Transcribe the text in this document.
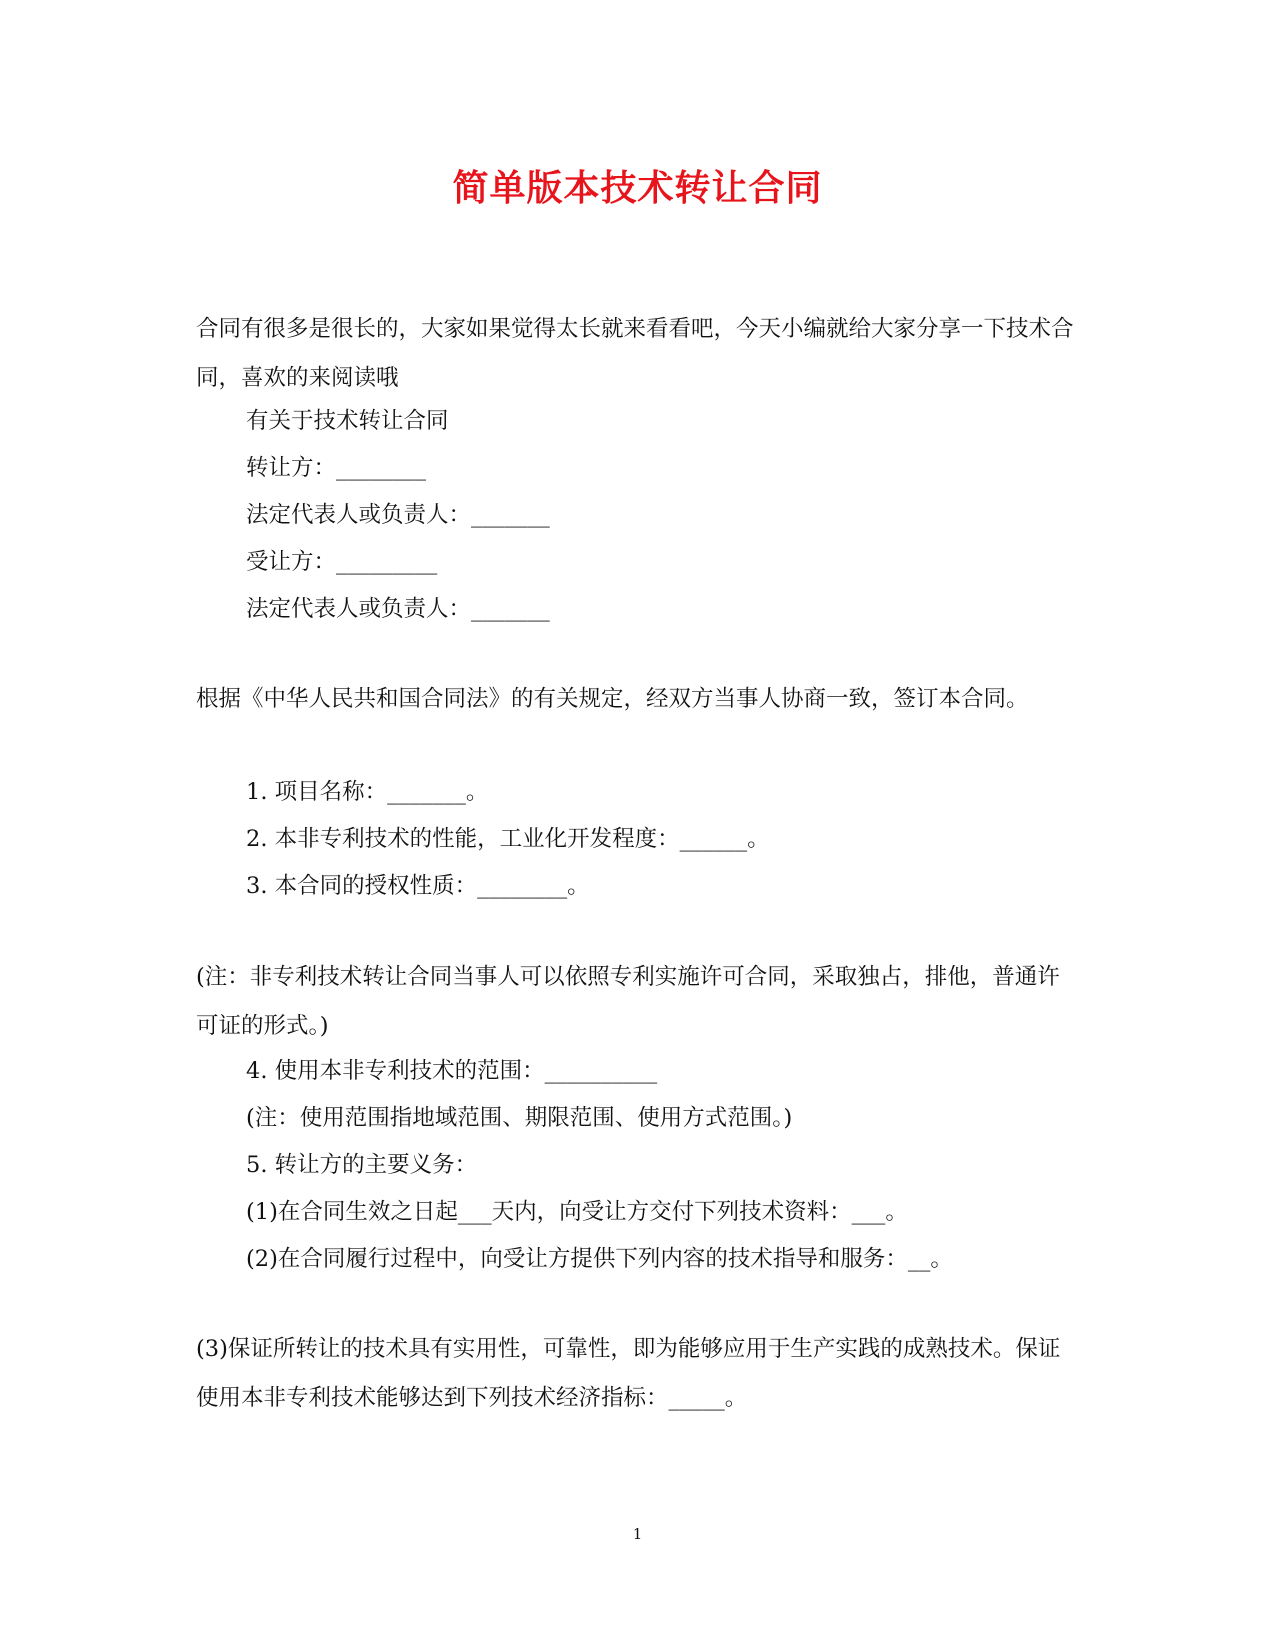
简单版本技术转让合同

合同有很多是很长的，大家如果觉得太长就来看看吧，今天小编就给大家分享一下技术合同，喜欢的来阅读哦

有关于技术转让合同

转让方：________

法定代表人或负责人：_______

受让方：_________

法定代表人或负责人：_______

根据《中华人民共和国合同法》的有关规定，经双方当事人协商一致，签订本合同。

1. 项目名称：_______。

2. 本非专利技术的性能，工业化开发程度：______。

3. 本合同的授权性质：________。

(注：非专利技术转让合同当事人可以依照专利实施许可合同，采取独占，排他，普通许可证的形式。)

4. 使用本非专利技术的范围：__________

(注：使用范围指地域范围、期限范围、使用方式范围。)

5. 转让方的主要义务：

(1)在合同生效之日起___天内，向受让方交付下列技术资料：___。

(2)在合同履行过程中，向受让方提供下列内容的技术指导和服务：__。

(3)保证所转让的技术具有实用性，可靠性，即为能够应用于生产实践的成熟技术。保证使用本非专利技术能够达到下列技术经济指标：_____。

1
